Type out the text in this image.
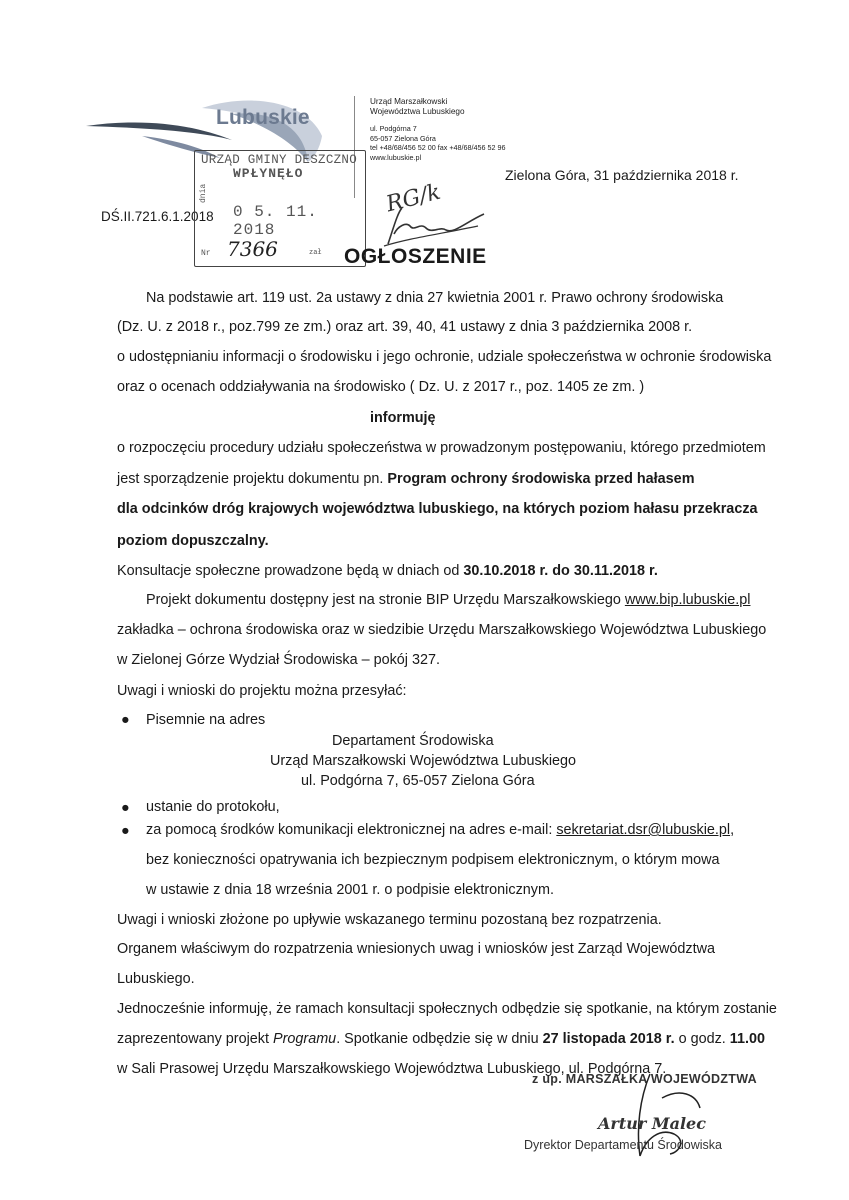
Lubuskie
Urząd Marszałkowski
Województwa Lubuskiego
ul. Podgórna 7
65-057 Zielona Góra
tel +48/68/456 52 00 fax +48/68/456 52 96
www.lubuskie.pl
Zielona Góra, 31 października 2018 r.
DŚ.II.721.6.1.2018
URZĄD GMINY DESZCZNO
WPŁYNĘŁO
dnia
0 5. 11. 2018
Nr 7366	zał
RG/k
OGŁOSZENIE
Na podstawie art. 119 ust. 2a ustawy z dnia 27 kwietnia 2001 r. Prawo ochrony środowiska
(Dz. U. z 2018 r., poz.799 ze zm.) oraz art. 39, 40, 41 ustawy z dnia 3 października 2008 r.
o udostępnianiu informacji o środowisku i jego ochronie, udziale społeczeństwa w ochronie środowiska
oraz o ocenach oddziaływania na środowisko ( Dz. U. z 2017 r., poz. 1405 ze zm. )
informuję
o rozpoczęciu procedury udziału społeczeństwa w prowadzonym postępowaniu, którego przedmiotem
jest sporządzenie projektu dokumentu pn. Program ochrony środowiska przed hałasem
dla odcinków dróg krajowych województwa lubuskiego, na których poziom hałasu przekracza
poziom dopuszczalny.
Konsultacje społeczne prowadzone będą w dniach od 30.10.2018 r. do 30.11.2018 r.
Projekt dokumentu dostępny jest na stronie BIP Urzędu Marszałkowskiego www.bip.lubuskie.pl
zakładka – ochrona środowiska oraz w siedzibie Urzędu Marszałkowskiego Województwa Lubuskiego
w Zielonej Górze Wydział Środowiska – pokój 327.
Uwagi i wnioski do projektu można przesyłać:
● Pisemnie na adres
Departament Środowiska
Urząd Marszałkowski Województwa Lubuskiego
ul. Podgórna 7, 65-057 Zielona Góra
● ustanie do protokołu,
● za pomocą środków komunikacji elektronicznej na adres e-mail: sekretariat.dsr@lubuskie.pl,
bez konieczności opatrywania ich bezpiecznym podpisem elektronicznym, o którym mowa
w ustawie z dnia 18 września 2001 r. o podpisie elektronicznym.
Uwagi i wnioski złożone po upływie wskazanego terminu pozostaną bez rozpatrzenia.
Organem właściwym do rozpatrzenia wniesionych uwag i wniosków jest Zarząd Województwa
Lubuskiego.
Jednocześnie informuję, że ramach konsultacji społecznych odbędzie się spotkanie, na którym zostanie
zaprezentowany projekt Programu. Spotkanie odbędzie się w dniu 27 listopada 2018 r. o godz. 11.00
w Sali Prasowej Urzędu Marszałkowskiego Województwa Lubuskiego, ul. Podgórna 7.
z up. MARSZAŁKA WOJEWÓDZTWA
Artur Malec
Dyrektor Departamentu Środowiska
